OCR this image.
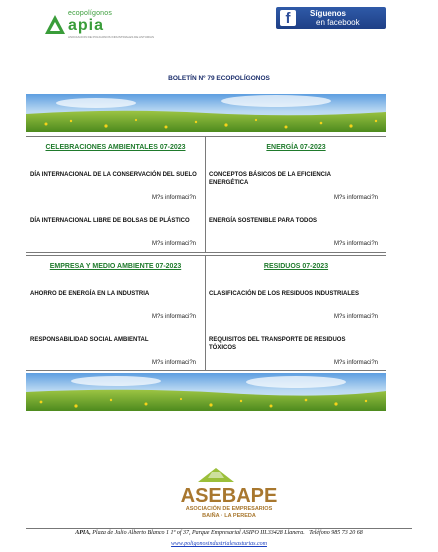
ecopolígonos
apia
ASOCIACION DE POLIGONOS INDUSTRIALES DE ASTURIAS
f	Síguenos
en facebook
BOLETÍN Nº 79 ECOPOLÍGONOS
CELEBRACIONES AMBIENTALES 07-2023
DÍA INTERNACIONAL DE LA CONSERVACIÓN DEL SUELO
M?s informaci?n
DÍA INTERNACIONAL LIBRE DE BOLSAS DE PLÁSTICO
M?s informaci?n
ENERGÍA 07-2023
CONCEPTOS BÁSICOS DE LA EFICIENCIA ENERGÉTICA
M?s informaci?n
ENERGÍA SOSTENIBLE PARA TODOS
M?s informaci?n
EMPRESA Y MEDIO AMBIENTE 07-2023
AHORRO DE ENERGÍA EN LA INDUSTRIA
M?s informaci?n
RESPONSABILIDAD SOCIAL AMBIENTAL
M?s informaci?n
RESIDUOS 07-2023
CLASIFICACIÓN DE LOS RESIDUOS INDUSTRIALES
M?s informaci?n
REQUISITOS DEL TRANSPORTE DE RESIDUOS TÓXICOS
M?s informaci?n
ASEBAPE
ASOCIACIÓN DE EMPRESARIOS
BAIÑA · LA PEREDA
APIA, Plaza de Julio Alberto Blanco 1 1º of 37, Parque Empresarial ASIPO III.33428 Llanera. Teléfono 985 73 20 68
www.poligonosindustrialesasturias.com
